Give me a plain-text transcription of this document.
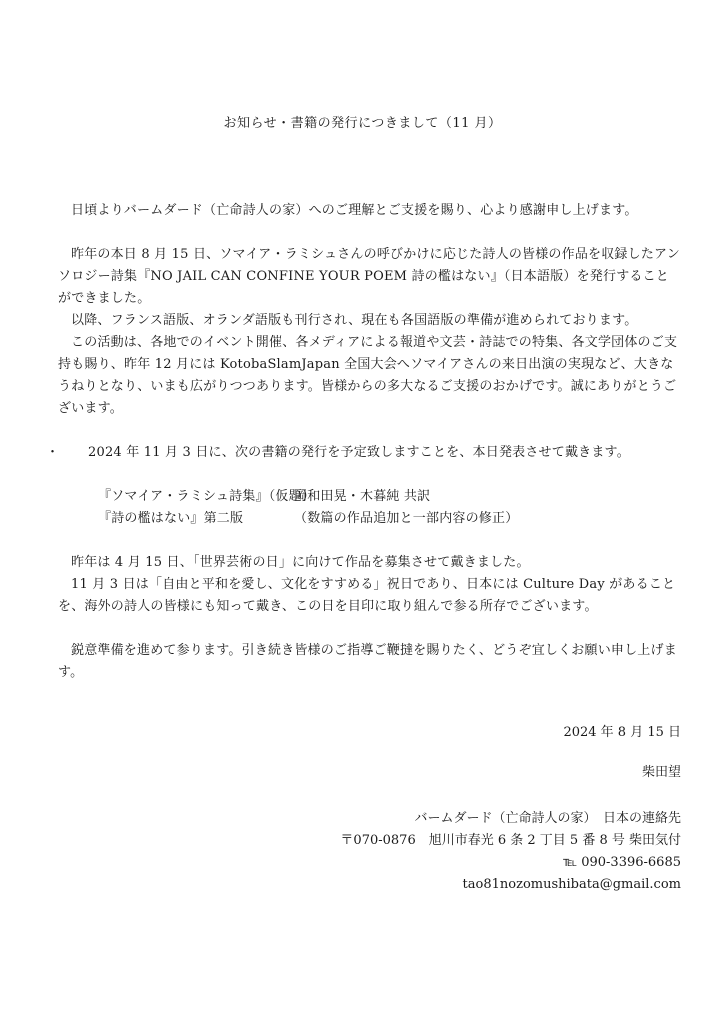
お知らせ・書籍の発行につきまして（11 月）

日頃よりバームダード（亡命詩人の家）へのご理解とご支援を賜り、心より感謝申し上げます。

昨年の本日 8 月 15 日、ソマイア・ラミシュさんの呼びかけに応じた詩人の皆様の作品を収録したアンソロジー詩集『NO JAIL CAN CONFINE YOUR POEM 詩の檻はない』（日本語版）を発行することができました。

以降、フランス語版、オランダ語版も刊行され、現在も各国語版の準備が進められております。

この活動は、各地でのイベント開催、各メディアによる報道や文芸・詩誌での特集、各文学団体のご支持も賜り、昨年 12 月には KotobaSlamJapan 全国大会へソマイアさんの来日出演の実現など、大きなうねりとなり、いまも広がりつつあります。皆様からの多大なるご支援のおかげです。誠にありがとうございます。

・ 2024 年 11 月 3 日に、次の書籍の発行を予定致しますことを、本日発表させて戴きます。

『ソマイア・ラミシュ詩集』（仮題）
岡和田晃・木暮純 共訳
『詩の檻はない』第二版	（数篇の作品追加と一部内容の修正）

昨年は 4 月 15 日、「世界芸術の日」に向けて作品を募集させて戴きました。

11 月 3 日は「自由と平和を愛し、文化をすすめる」祝日であり、日本には Culture Day があることを、海外の詩人の皆様にも知って戴き、この日を目印に取り組んで参る所存でございます。

鋭意準備を進めて参ります。引き続き皆様のご指導ご鞭撻を賜りたく、どうぞ宜しくお願い申し上げます。

2024 年 8 月 15 日
柴田望
バームダード（亡命詩人の家）　日本の連絡先
〒070-0876　旭川市春光 6 条 2 丁目 5 番 8 号 柴田気付
℡ 090-3396-6685
tao81nozomushibata@gmail.com
